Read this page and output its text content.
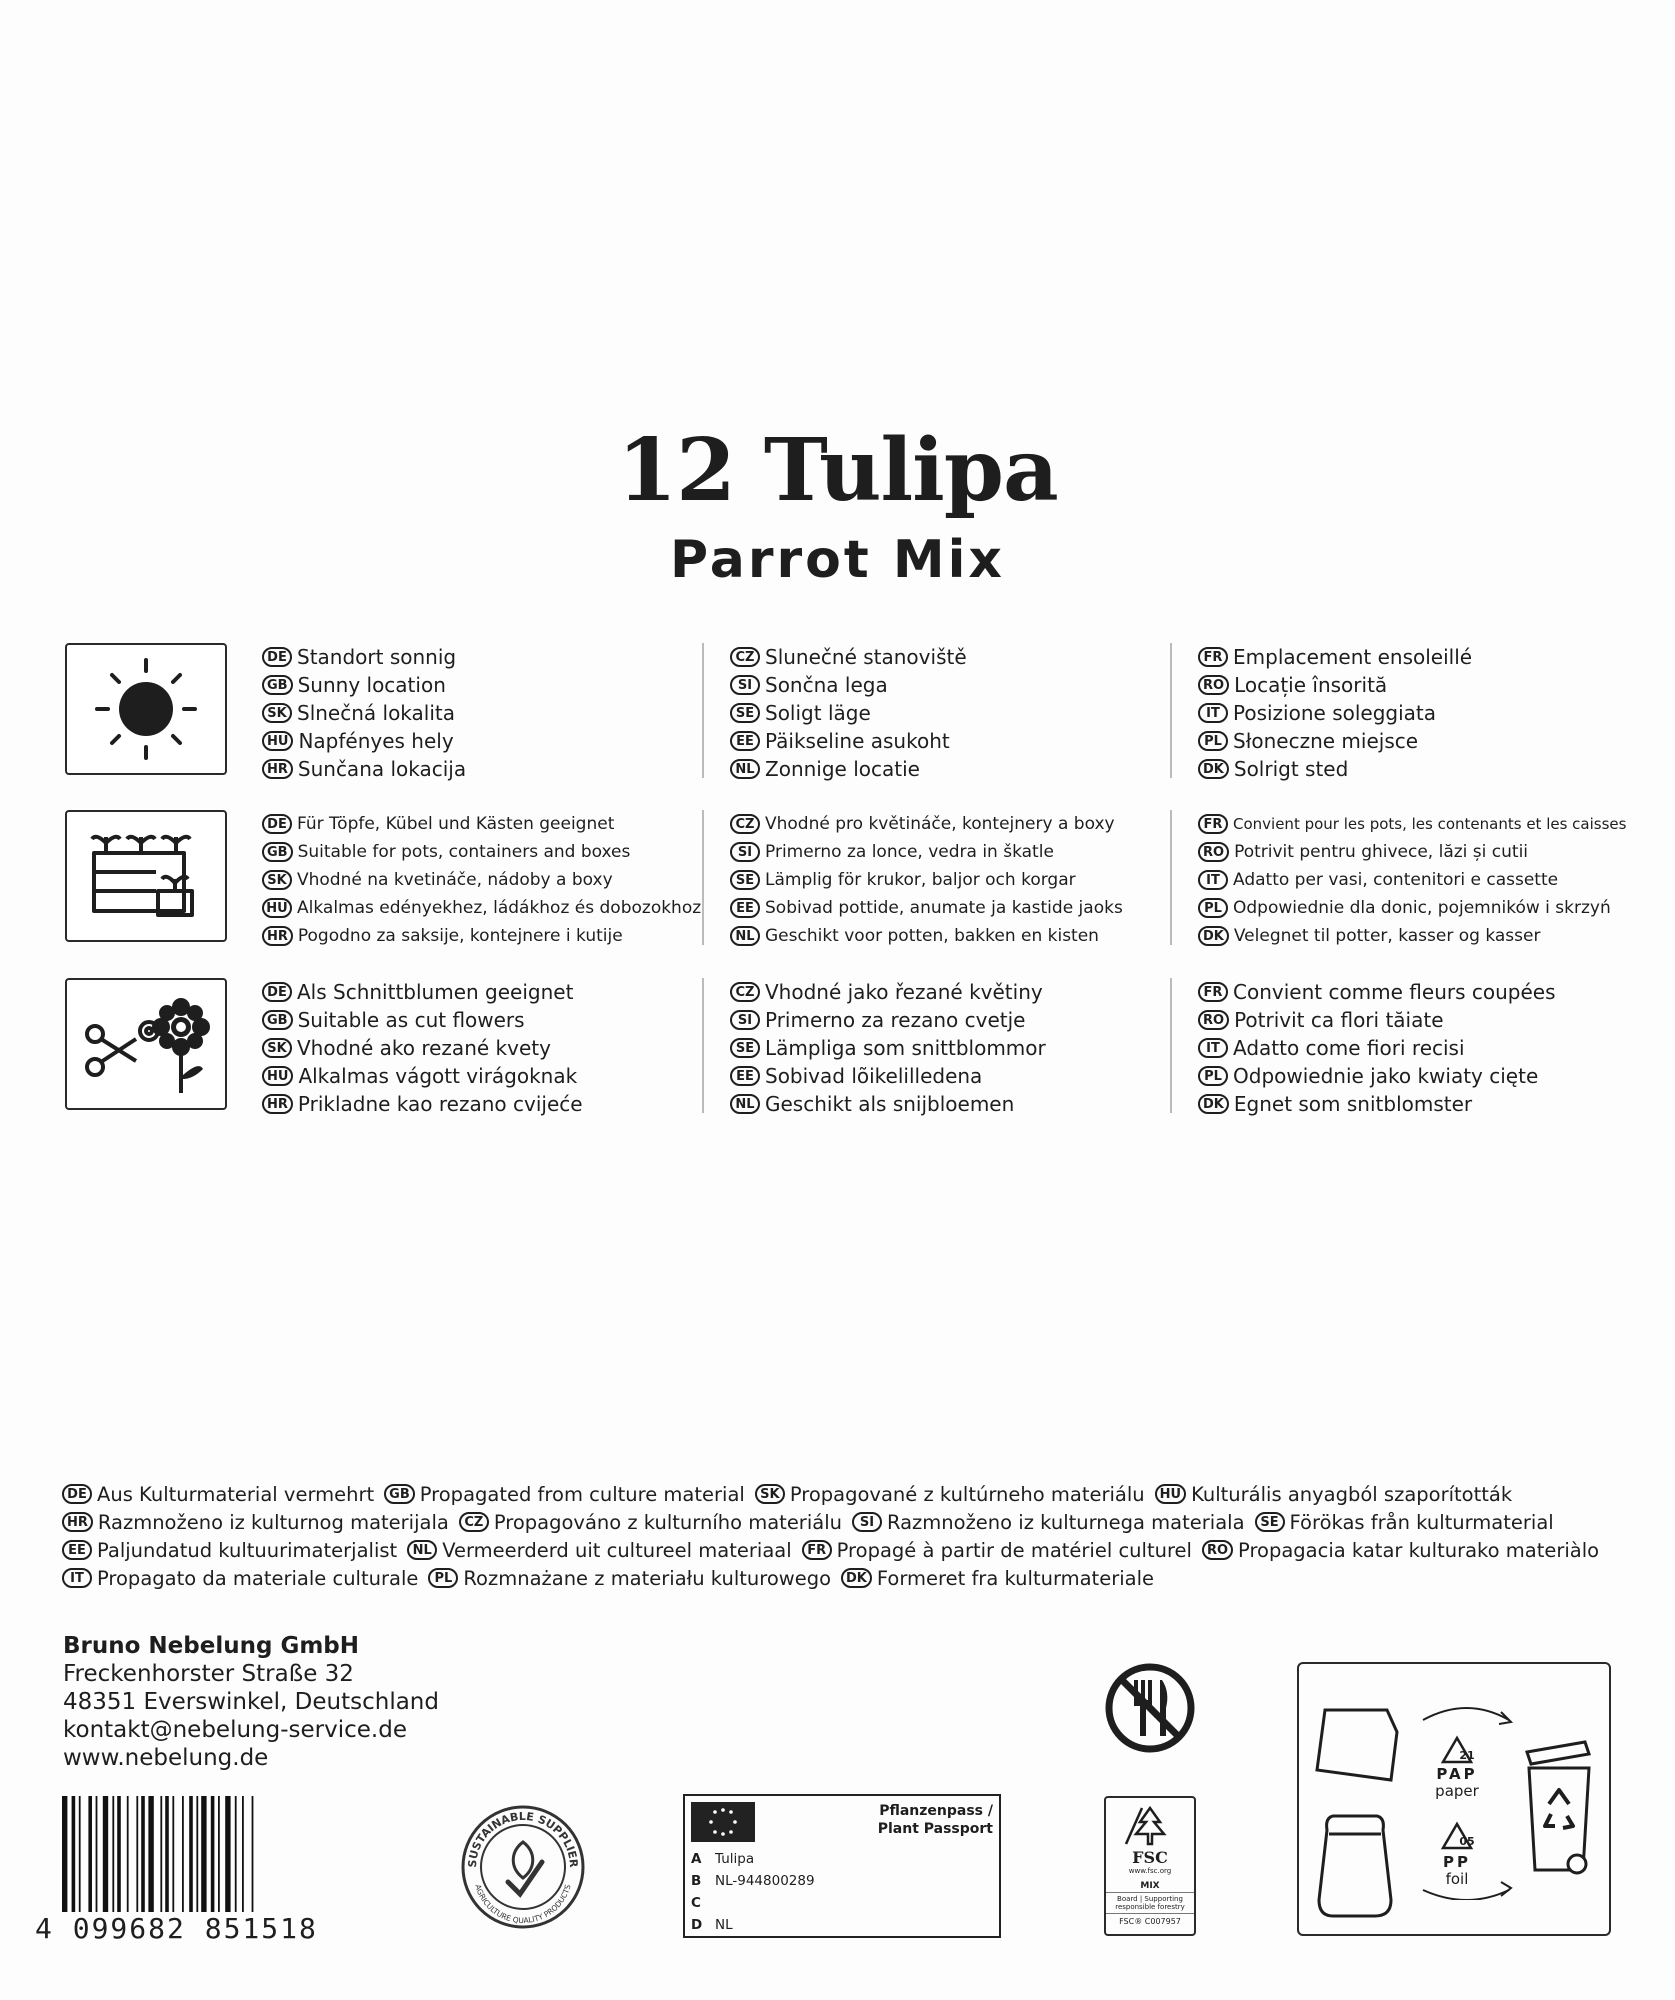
12 Tulipa
Parrot Mix
DE Standort sonnig
GB Sunny location
SK Slnečná lokalita
HU Napfényes hely
HR Sunčana lokacija
CZ Slunečné stanoviště
SI Sončna lega
SE Soligt läge
EE Päikseline asukoht
NL Zonnige locatie
FR Emplacement ensoleillé
RO Locație însorită
IT Posizione soleggiata
PL Słoneczne miejsce
DK Solrigt sted
DE Für Töpfe, Kübel und Kästen geeignet
GB Suitable for pots, containers and boxes
SK Vhodné na kvetináče, nádoby a boxy
HU Alkalmas edényekhez, ládákhoz és dobozokhoz
HR Pogodno za saksije, kontejnere i kutije
CZ Vhodné pro květináče, kontejnery a boxy
SI Primerno za lonce, vedra in škatle
SE Lämplig för krukor, baljor och korgar
EE Sobivad pottide, anumate ja kastide jaoks
NL Geschikt voor potten, bakken en kisten
FR Convient pour les pots, les contenants et les caisses
RO Potrivit pentru ghivece, lăzi și cutii
IT Adatto per vasi, contenitori e cassette
PL Odpowiednie dla donic, pojemników i skrzyń
DK Velegnet til potter, kasser og kasser
DE Als Schnittblumen geeignet
GB Suitable as cut flowers
SK Vhodné ako rezané kvety
HU Alkalmas vágott virágoknak
HR Prikladne kao rezano cvijeće
CZ Vhodné jako řezané květiny
SI Primerno za rezano cvetje
SE Lämpliga som snittblommor
EE Sobivad lõikelilledena
NL Geschikt als snijbloemen
FR Convient comme fleurs coupées
RO Potrivit ca flori tăiate
IT Adatto come fiori recisi
PL Odpowiednie jako kwiaty cięte
DK Egnet som snitblomster
DE Aus Kulturmaterial vermehrt	GB Propagated from culture material	SK Propagované z kultúrneho materiálu	HU Kulturális anyagból szaporították
HR Razmnoženo iz kulturnog materijala	CZ Propagováno z kulturního materiálu	SI Razmnoženo iz kulturnega materiala	SE Förökas från kulturmaterial
EE Paljundatud kultuurimaterjalist	NL Vermeerderd uit cultureel materiaal	FR Propagé à partir de matériel culturel	RO Propagacia katar kulturako materiàlo
IT Propagato da materiale culturale	PL Rozmnażane z materiału kulturowego	DK Formeret fra kulturmateriale
Bruno Nebelung GmbH
Freckenhorster Straße 32
48351 Everswinkel, Deutschland
kontakt@nebelung-service.de
www.nebelung.de
4 099682 851518
SUSTAINABLE SUPPLIER
AGRICULTURE QUALITY PRODUCTS
Pflanzenpass /
Plant Passport
A Tulipa
B NL-944800289
C
D NL
FSC
www.fsc.org
MIX
Board | Supporting responsible forestry
FSC® C007957
21
PAP
paper
05
PP
foil
